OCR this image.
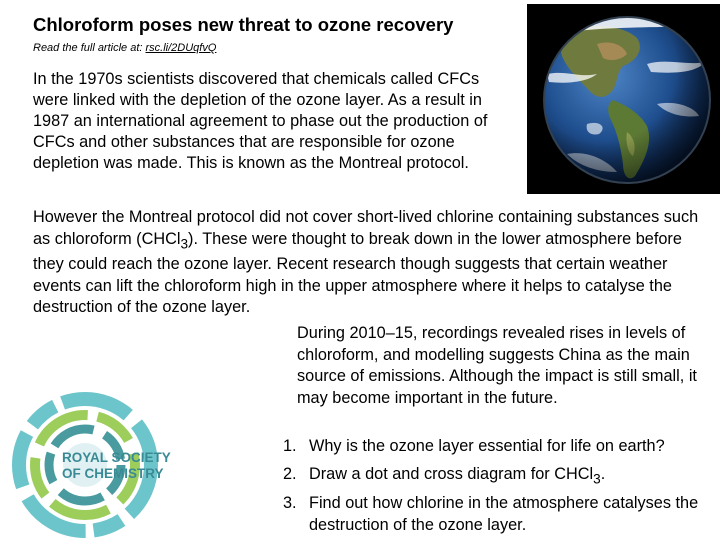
Chloroform poses new threat to ozone recovery
Read the full article at: rsc.li/2DUqfvQ
In the 1970s scientists discovered that chemicals called CFCs were linked with the depletion of the ozone layer. As a result in 1987 an international agreement to phase out the production of CFCs and other substances that are responsible for ozone depletion was made. This is known as the Montreal protocol.
However the Montreal protocol did not cover short-lived chlorine containing substances such as chloroform (CHCl$_3$). These were thought to break down in the lower atmosphere before they could reach the ozone layer. Recent research though suggests that certain weather events can lift the chloroform high in the upper atmosphere where it helps to catalyse the destruction of the ozone layer.
During 2010–15, recordings revealed rises in levels of chloroform, and modelling suggests China as the main source of emissions. Although the impact is still small, it may become important in the future.
1. Why is the ozone layer essential for life on earth?
2. Draw a dot and cross diagram for CHCl$_3$.
3. Find out how chlorine in the atmosphere catalyses the destruction of the ozone layer.
ROYAL SOCIETY
OF CHEMISTRY
